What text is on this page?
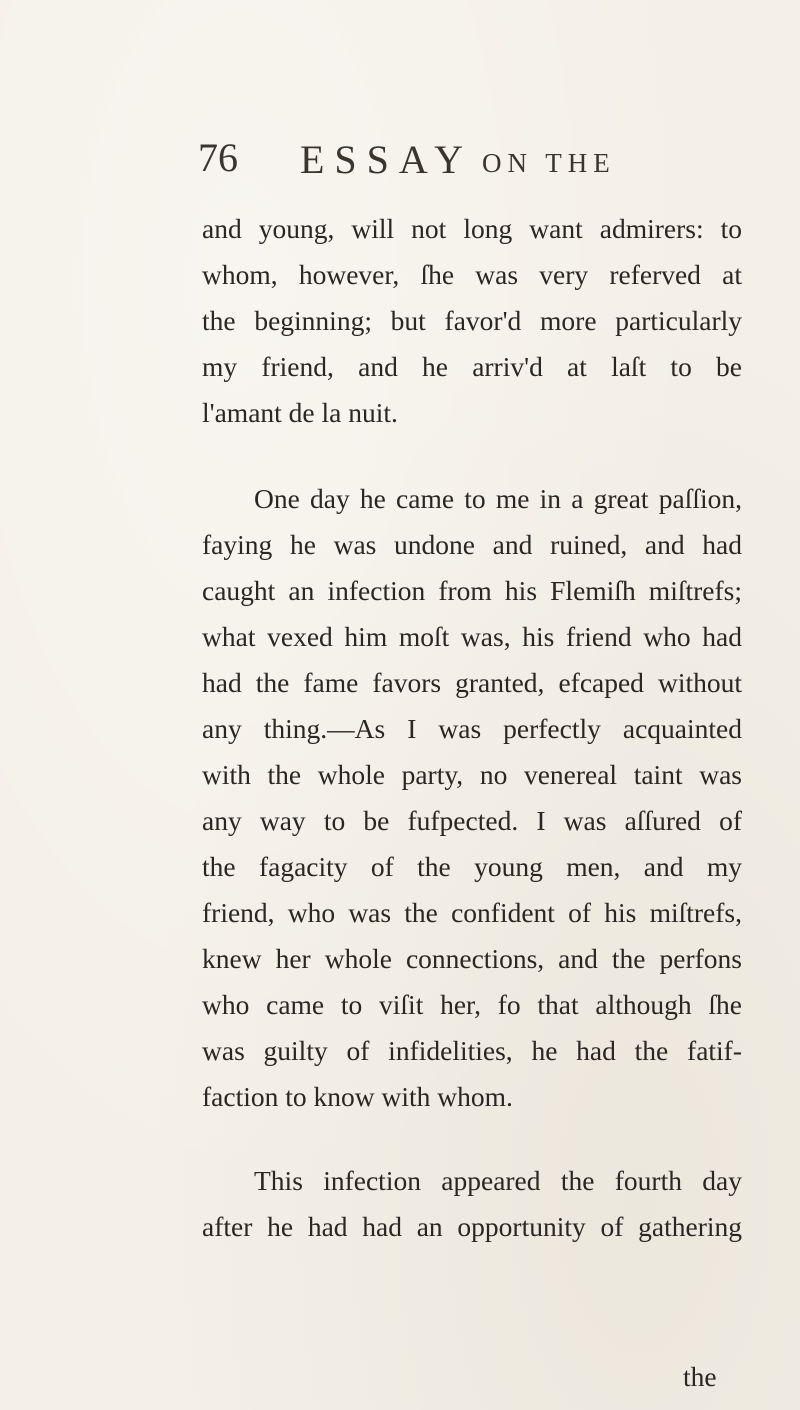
76 ESSAY ON THE
and young, will not long want admirers: to
whom, however, ſhe was very referved at
the beginning; but favor'd more particularly
my friend, and he arriv'd at laſt to be
l'amant de la nuit.
One day he came to me in a great paſſion,
faying he was undone and ruined, and had
caught an infection from his Flemiſh miſtrefs;
what vexed him moſt was, his friend who had
had the fame favors granted, efcaped without
any thing.—As I was perfectly acquainted
with the whole party, no venereal taint was
any way to be fufpected. I was aſſured of
the fagacity of the young men, and my
friend, who was the confident of his miſtrefs,
knew her whole connections, and the perfons
who came to viſit her, fo that although ſhe
was guilty of infidelities, he had the fatif-
faction to know with whom.
This infection appeared the fourth day
after he had had an opportunity of gathering
the
